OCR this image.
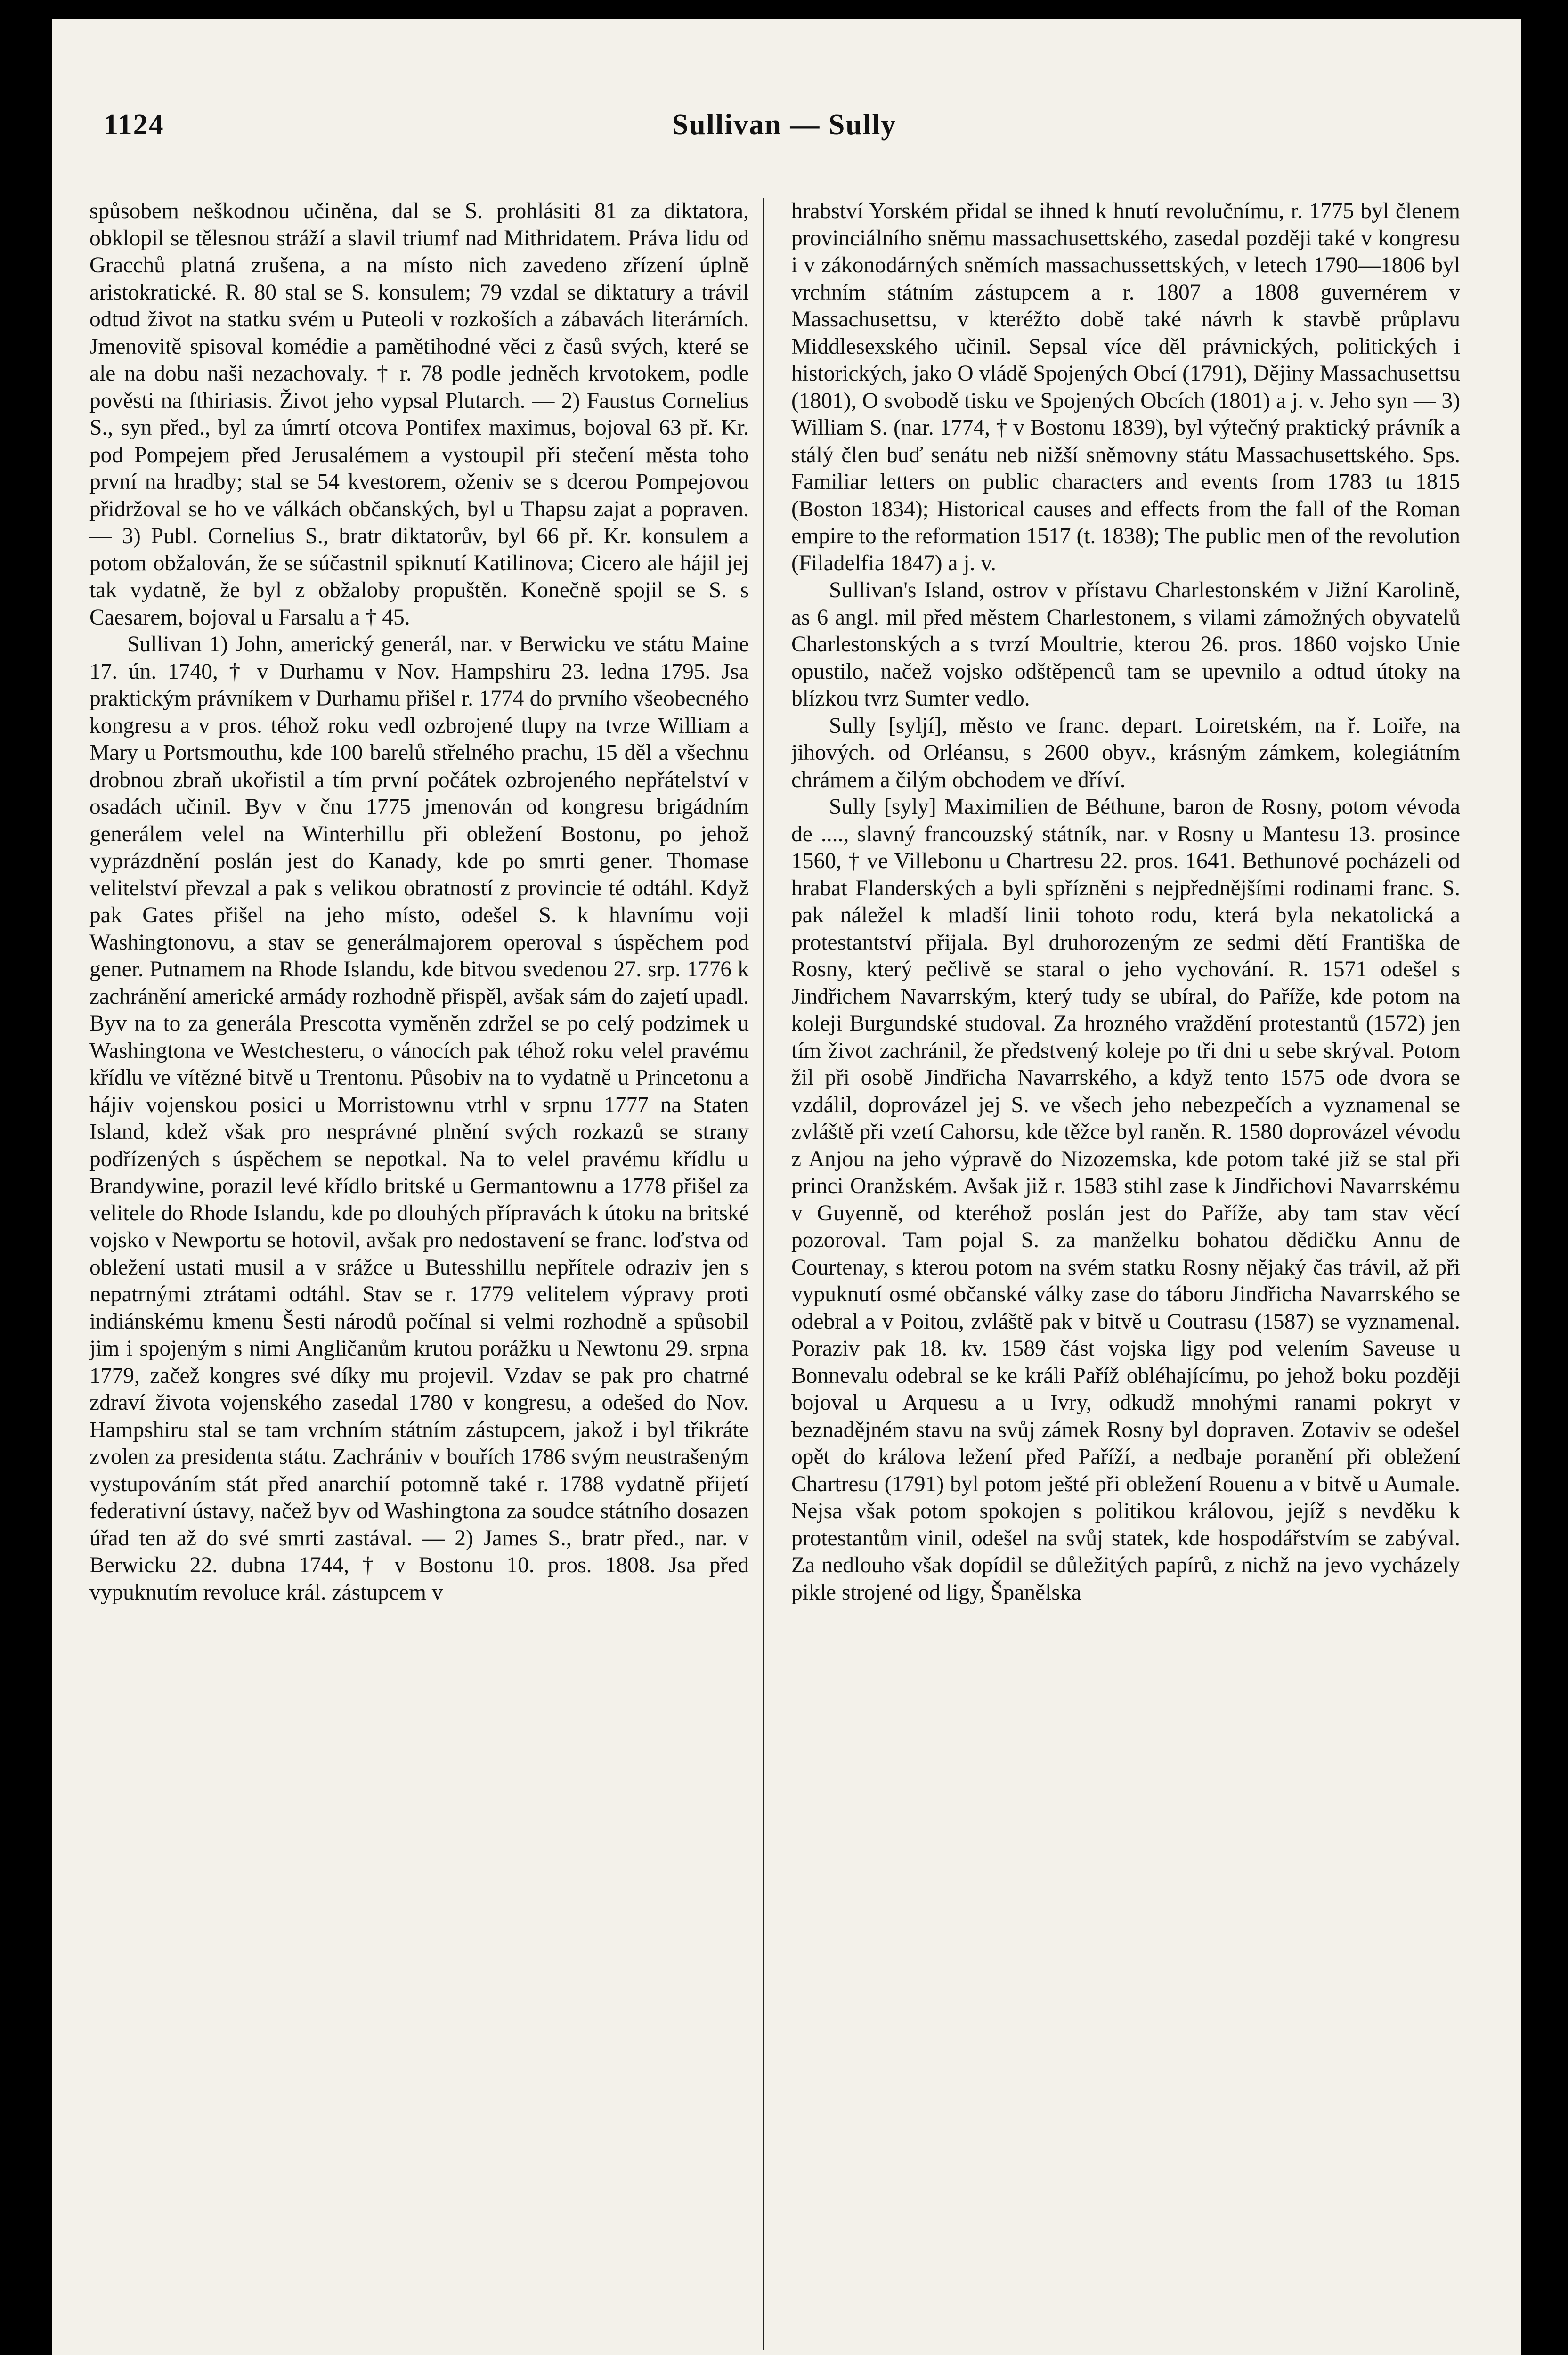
1124	Sullivan — Sully

spůsobem neškodnou učiněna, dal se S. prohlásiti 81 za diktatora, obklopil se tělesnou stráží a slavil triumf nad Mithridatem. Práva lidu od Gracchů platná zrušena, a na místo nich zavedeno zřízení úplně aristokratické. R. 80 stal se S. konsulem; 79 vzdal se diktatury a trávil odtud život na statku svém u Puteoli v rozkoších a zábavách literárních. Jmenovitě spisoval komédie a pamětihodné věci z časů svých, které se ale na dobu naši nezachovaly. † r. 78 podle jedněch krvotokem, podle pověsti na fthiriasis. Život jeho vypsal Plutarch. — 2) Faustus Cornelius S., syn před., byl za úmrtí otcova Pontifex maximus, bojoval 63 př. Kr. pod Pompejem před Jerusalémem a vystoupil při stečení města toho první na hradby; stal se 54 kvestorem, oženiv se s dcerou Pompejovou přidržoval se ho ve válkách občanských, byl u Thapsu zajat a popraven. — 3) Publ. Cornelius S., bratr diktatorův, byl 66 př. Kr. konsulem a potom obžalován, že se súčastnil spiknutí Katilinova; Cicero ale hájil jej tak vydatně, že byl z obžaloby propuštěn. Konečně spojil se S. s Caesarem, bojoval u Farsalu a † 45.

Sullivan 1) John, americký generál, nar. v Berwicku ve státu Maine 17. ún. 1740, † v Durhamu v Nov. Hampshiru 23. ledna 1795. Jsa praktickým právníkem v Durhamu přišel r. 1774 do prvního všeobecného kongresu a v pros. téhož roku vedl ozbrojené tlupy na tvrze William a Mary u Portsmouthu, kde 100 barelů střelného prachu, 15 děl a všechnu drobnou zbraň ukořistil a tím první počátek ozbrojeného nepřátelství v osadách učinil. Byv v čnu 1775 jmenován od kongresu brigádním generálem velel na Winterhillu při obležení Bostonu, po jehož vyprázdnění poslán jest do Kanady, kde po smrti gener. Thomase velitelství převzal a pak s velikou obratností z provincie té odtáhl. Když pak Gates přišel na jeho místo, odešel S. k hlavnímu voji Washingtonovu, a stav se generálmajorem operoval s úspěchem pod gener. Putnamem na Rhode Islandu, kde bitvou svedenou 27. srp. 1776 k zachránění americké armády rozhodně přispěl, avšak sám do zajetí upadl. Byv na to za generála Prescotta vyměněn zdržel se po celý podzimek u Washingtona ve Westchesteru, o vánocích pak téhož roku velel pravému křídlu ve vítězné bitvě u Trentonu. Působiv na to vydatně u Princetonu a hájiv vojenskou posici u Morristownu vtrhl v srpnu 1777 na Staten Island, kdež však pro nesprávné plnění svých rozkazů se strany podřízených s úspěchem se nepotkal. Na to velel pravému křídlu u Brandywine, porazil levé křídlo britské u Germantownu a 1778 přišel za velitele do Rhode Islandu, kde po dlouhých přípravách k útoku na britské vojsko v Newportu se hotovil, avšak pro nedostavení se franc. loďstva od obležení ustati musil a v srážce u Butesshillu nepřítele odraziv jen s nepatrnými ztrátami odtáhl. Stav se r. 1779 velitelem výpravy proti indiánskému kmenu Šesti národů počínal si velmi rozhodně a spůsobil jim i spojeným s nimi Angličanům krutou porážku u Newtonu 29. srpna 1779, začež kongres své díky mu projevil. Vzdav se pak pro chatrné zdraví života vojenského zasedal 1780 v kongresu, a odešed do Nov. Hampshiru stal se tam vrchním státním zástupcem, jakož i byl třikráte zvolen za presidenta státu. Zachrániv v bouřích 1786 svým neustrašeným vystupováním stát před anarchií potomně také r. 1788 vydatně přijetí federativní ústavy, načež byv od Washingtona za soudce státního dosazen úřad ten až do své smrti zastával. — 2) James S., bratr před., nar. v Berwicku 22. dubna 1744, † v Bostonu 10. pros. 1808. Jsa před vypuknutím revoluce král. zástupcem v

hrabství Yorském přidal se ihned k hnutí revolučnímu, r. 1775 byl členem provinciálního sněmu massachusettského, zasedal později také v kongresu i v zákonodárných sněmích massachussettských, v letech 1790—1806 byl vrchním státním zástupcem a r. 1807 a 1808 guvernérem v Massachusettsu, v kteréžto době také návrh k stavbě průplavu Middlesexského učinil. Sepsal více děl právnických, politických i historických, jako O vládě Spojených Obcí (1791), Dějiny Massachusettsu (1801), O svobodě tisku ve Spojených Obcích (1801) a j. v. Jeho syn — 3) William S. (nar. 1774, † v Bostonu 1839), byl výtečný praktický právník a stálý člen buď senátu neb nižší sněmovny státu Massachusettského. Sps. Familiar letters on public characters and events from 1783 tu 1815 (Boston 1834); Historical causes and effects from the fall of the Roman empire to the reformation 1517 (t. 1838); The public men of the revolution (Filadelfia 1847) a j. v.

Sullivan's Island, ostrov v přístavu Charlestonském v Jižní Karolině, as 6 angl. mil před městem Charlestonem, s vilami zámožných obyvatelů Charlestonských a s tvrzí Moultrie, kterou 26. pros. 1860 vojsko Unie opustilo, načež vojsko odštěpenců tam se upevnilo a odtud útoky na blízkou tvrz Sumter vedlo.

Sully [syljí], město ve franc. depart. Loiretském, na ř. Loiře, na jihových. od Orléansu, s 2600 obyv., krásným zámkem, kolegiátním chrámem a čilým obchodem ve dříví.

Sully [syly] Maximilien de Béthune, baron de Rosny, potom vévoda de ...., slavný francouzský státník, nar. v Rosny u Mantesu 13. prosince 1560, † ve Villebonu u Chartresu 22. pros. 1641. Bethunové pocházeli od hrabat Flanderských a byli spřízněni s nejpřednějšími rodinami franc. S. pak náležel k mladší linii tohoto rodu, která byla nekatolická a protestantství přijala. Byl druhorozeným ze sedmi dětí Františka de Rosny, který pečlivě se staral o jeho vychování. R. 1571 odešel s Jindřichem Navarrským, který tudy se ubíral, do Paříže, kde potom na koleji Burgundské studoval. Za hrozného vraždění protestantů (1572) jen tím život zachránil, že předstvený koleje po tři dni u sebe skrýval. Potom žil při osobě Jindřicha Navarrského, a když tento 1575 ode dvora se vzdálil, doprovázel jej S. ve všech jeho nebezpečích a vyznamenal se zvláště při vzetí Cahorsu, kde těžce byl raněn. R. 1580 doprovázel vévodu z Anjou na jeho výpravě do Nizozemska, kde potom také již se stal při princi Oranžském. Avšak již r. 1583 stihl zase k Jindřichovi Navarrskému v Guyenně, od kteréhož poslán jest do Paříže, aby tam stav věcí pozoroval. Tam pojal S. za manželku bohatou dědičku Annu de Courtenay, s kterou potom na svém statku Rosny nějaký čas trávil, až při vypuknutí osmé občanské války zase do táboru Jindřicha Navarrského se odebral a v Poitou, zvláště pak v bitvě u Coutrasu (1587) se vyznamenal. Poraziv pak 18. kv. 1589 část vojska ligy pod velením Saveuse u Bonnevalu odebral se ke králi Paříž obléhajícímu, po jehož boku později bojoval u Arquesu a u Ivry, odkudž mnohými ranami pokryt v beznadějném stavu na svůj zámek Rosny byl dopraven. Zotaviv se odešel opět do králova ležení před Paříží, a nedbaje poranění při obležení Chartresu (1791) byl potom ješté při obležení Rouenu a v bitvě u Aumale. Nejsa však potom spokojen s politikou královou, jejíž s nevděku k protestantům vinil, odešel na svůj statek, kde hospodářstvím se zabýval. Za nedlouho však dopídil se důležitých papírů, z nichž na jevo vycházely pikle strojené od ligy, Španělska
